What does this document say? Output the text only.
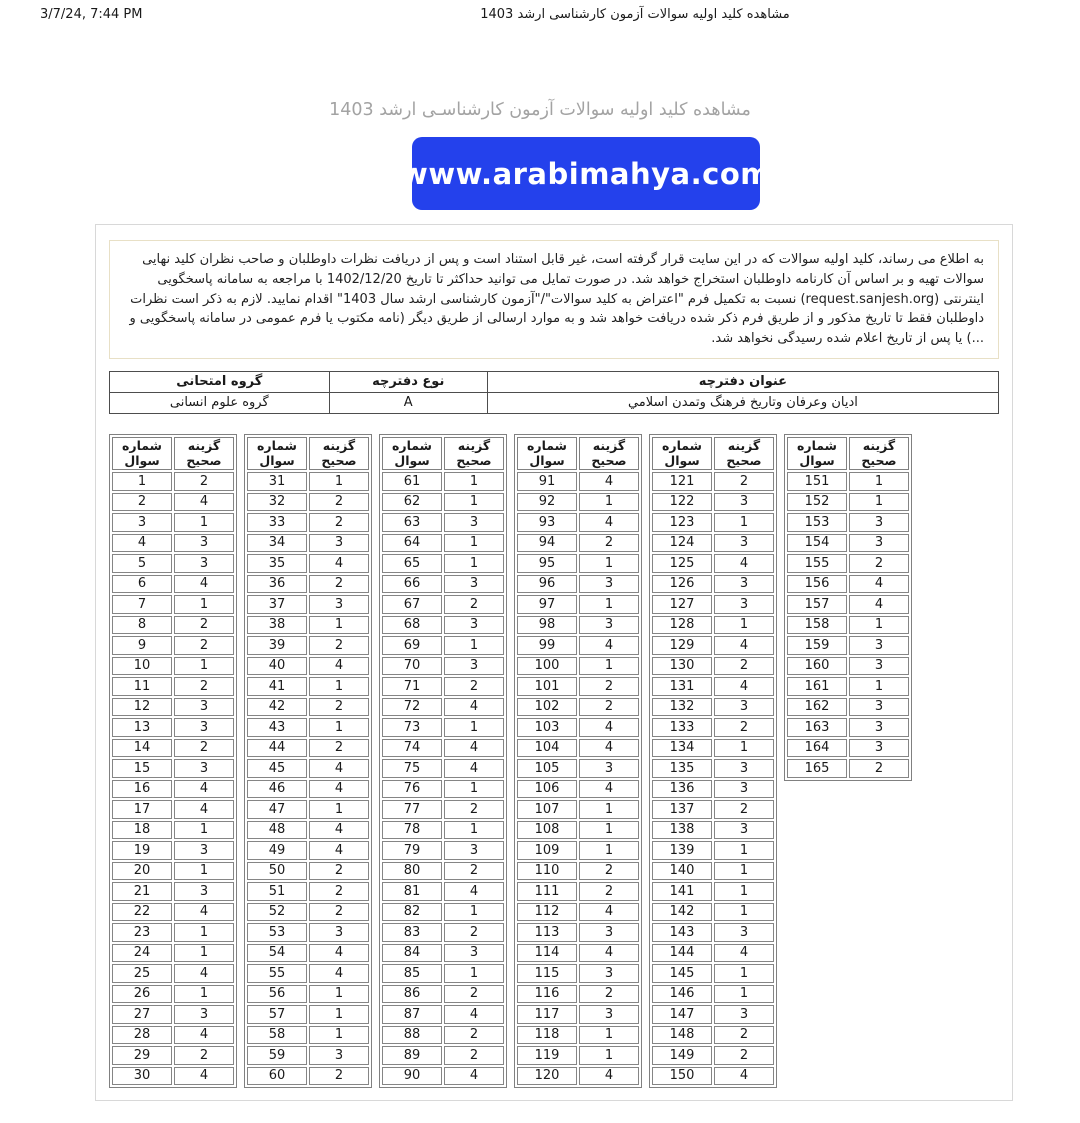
3/7/24, 7:44 PM	مشاهده کلید اولیه سوالات آزمون کارشناسی ارشد 1403
مشاهده کلید اولیه سوالات آزمون کارشناسـی ارشد 1403
www.arabimahya.com
به اطلاع می رساند، کلید اولیه سوالات که در این سایت قرار گرفته است، غیر قابل استناد است و پس از دریافت نظرات داوطلبان و صاحب نظران کلید نهایی سوالات تهیه و بر اساس آن کارنامه داوطلبان استخراج خواهد شد. در صورت تمایل می توانید حداکثر تا تاریخ 1402/12/20 با مراجعه به سامانه پاسخگویی اینترنتی (request.sanjesh.org) نسبت به تکمیل فرم "اعتراض به کلید سوالات"/"آزمون کارشناسی ارشد سال 1403" اقدام نمایید. لازم به ذکر است نظرات داوطلبان فقط تا تاریخ مذکور و از طریق فرم ذکر شده دریافت خواهد شد و به موارد ارسالی از طریق دیگر (نامه مکتوب یا فرم عمومی در سامانه پاسخگویی و ...) یا پس از تاریخ اعلام شده رسیدگی نخواهد شد.
عنوان دفترچه	نوع دفترچه	گروه امتحانی
اديان وعرفان وتاريخ فرهنگ وتمدن اسلامي	A	گروه علوم انسانی
شماره سوال	گزینه صحیح
1	2
2	4
3	1
4	3
5	3
6	4
7	1
8	2
9	2
10	1
11	2
12	3
13	3
14	2
15	3
16	4
17	4
18	1
19	3
20	1
21	3
22	4
23	1
24	1
25	4
26	1
27	3
28	4
29	2
30	4
شماره سوال	گزینه صحیح
31	1
32	2
33	2
34	3
35	4
36	2
37	3
38	1
39	2
40	4
41	1
42	2
43	1
44	2
45	4
46	4
47	1
48	4
49	4
50	2
51	2
52	2
53	3
54	4
55	4
56	1
57	1
58	1
59	3
60	2
شماره سوال	گزینه صحیح
61	1
62	1
63	3
64	1
65	1
66	3
67	2
68	3
69	1
70	3
71	2
72	4
73	1
74	4
75	4
76	1
77	2
78	1
79	3
80	2
81	4
82	1
83	2
84	3
85	1
86	2
87	4
88	2
89	2
90	4
شماره سوال	گزینه صحیح
91	4
92	1
93	4
94	2
95	1
96	3
97	1
98	3
99	4
100	1
101	2
102	2
103	4
104	4
105	3
106	4
107	1
108	1
109	1
110	2
111	2
112	4
113	3
114	4
115	3
116	2
117	3
118	1
119	1
120	4
شماره سوال	گزینه صحیح
121	2
122	3
123	1
124	3
125	4
126	3
127	3
128	1
129	4
130	2
131	4
132	3
133	2
134	1
135	3
136	3
137	2
138	3
139	1
140	1
141	1
142	1
143	3
144	4
145	1
146	1
147	3
148	2
149	2
150	4
شماره سوال	گزینه صحیح
151	1
152	1
153	3
154	3
155	2
156	4
157	4
158	1
159	3
160	3
161	1
162	3
163	3
164	3
165	2
